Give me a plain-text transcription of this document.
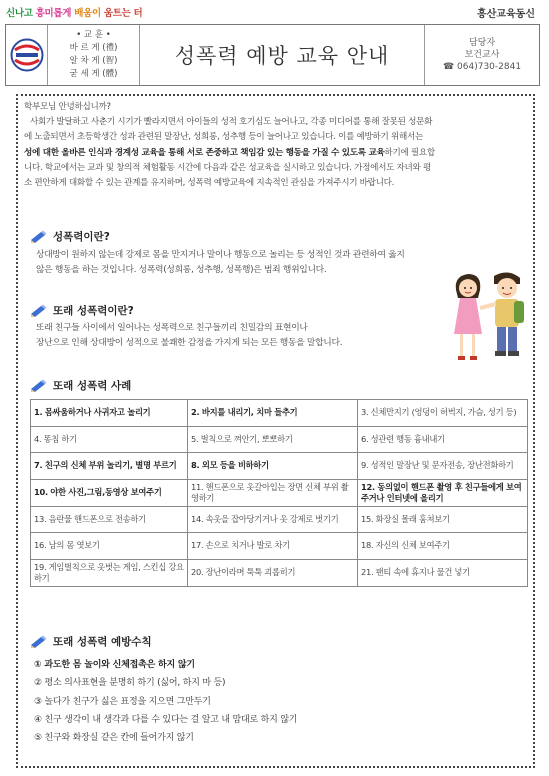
신나고 흥미롭게 배움이 움트는 터	흥산교육동신
• 교 훈 •
바 르 게 (禮)
알 차 게 (智)
굳 세 게 (體)
성폭력 예방 교육 안내
담당자
보건교사
☎ 064)730-2841

학부모님 안녕하십니까?

사회가 발달하고 사춘기 시기가 빨라지면서 아이들의 성적 호기심도 늘어나고, 각종 미디어를 통해 잘못된 성문화

에 노출되면서 초등학생간 성과 관련된 말장난, 성희롱, 성추행 등이 늘어나고 있습니다. 이를 예방하기 위해서는

성에 대한 올바른 인식과 경계성 교육을 통해 서로 존중하고 책임감 있는 행동을 가질 수 있도록 교육하기에 필요합

니다. 학교에서는 교과 및 창의적 체험활동 시간에 다음과 같은 성교육을 실시하고 있습니다. 가정에서도 자녀와 평

소 편안하게 대화할 수 있는 관계를 유지하며, 성폭력 예방교육에 지속적인 관심을 가져주시기 바랍니다.

성폭력이란?
상대방이 원하지 않는데 강제로 몸을 만지거나 말이나 행동으로 놀리는 등 성적인 것과 관련하여 옳지
않은 행동을 하는 것입니다. 성폭력(성희롱, 성추행, 성폭행)은 범죄 행위입니다.
또래 성폭력이란?
또래 친구들 사이에서 일어나는 성폭력으로 친구들끼리 친밀감의 표현이나
장난으로 인해 상대방이 성적으로 불쾌한 감정을 가지게 되는 모든 행동을 말합니다.
또래 성폭력 사례
1. 몸싸움하거나 사귀자고 놀리기	2. 바지를 내리기, 치마 들추기	3. 신체만지기 (엉덩이 허벅지, 가슴, 성기 등)
4. 똥침 하기	5. 벌칙으로 껴안기, 뽀뽀하기	6. 성관련 행동 흉내내기
7. 친구의 신체 부위 놀리기, 별명 부르기	8. 외모 등을 비하하기	9. 성적인 말장난 및 문자전송, 장난전화하기
10. 야한 사진,그림,동영상 보여주기	11. 핸드폰으로 옷갈아입는 장면 신체 부위 촬영하기	12. 동의없이 핸드폰 촬영 후 친구들에게 보여주거나 인터넷에 올리기
13. 음란물 핸드폰으로 전송하기	14. 속옷을 잡아당기거나 옷 강제로 벗기기	15. 화장실 몰래 훔쳐보기
16. 남의 몸 엿보기	17. 손으로 치거나 발로 차기	18. 자신의 신체 보여주기
19. 게임벌칙으로 옷벗는 게임, 스킨십 강요하기	20. 장난이라며 툭툭 괴롭히기	21. 팬티 속에 휴지나 물건 넣기
또래 성폭력 예방수칙
① 과도한 몸 놀이와 신체접촉은 하지 않기
② 평소 의사표현을 분명히 하기 (싫어, 하지 마 등)
③ 놀다가 친구가 싫은 표정을 지으면 그만두기
④ 친구 생각이 내 생각과 다를 수 있다는 걸 알고 내 맘대로 하지 않기
⑤ 친구와 화장실 같은 칸에 들어가지 않기
